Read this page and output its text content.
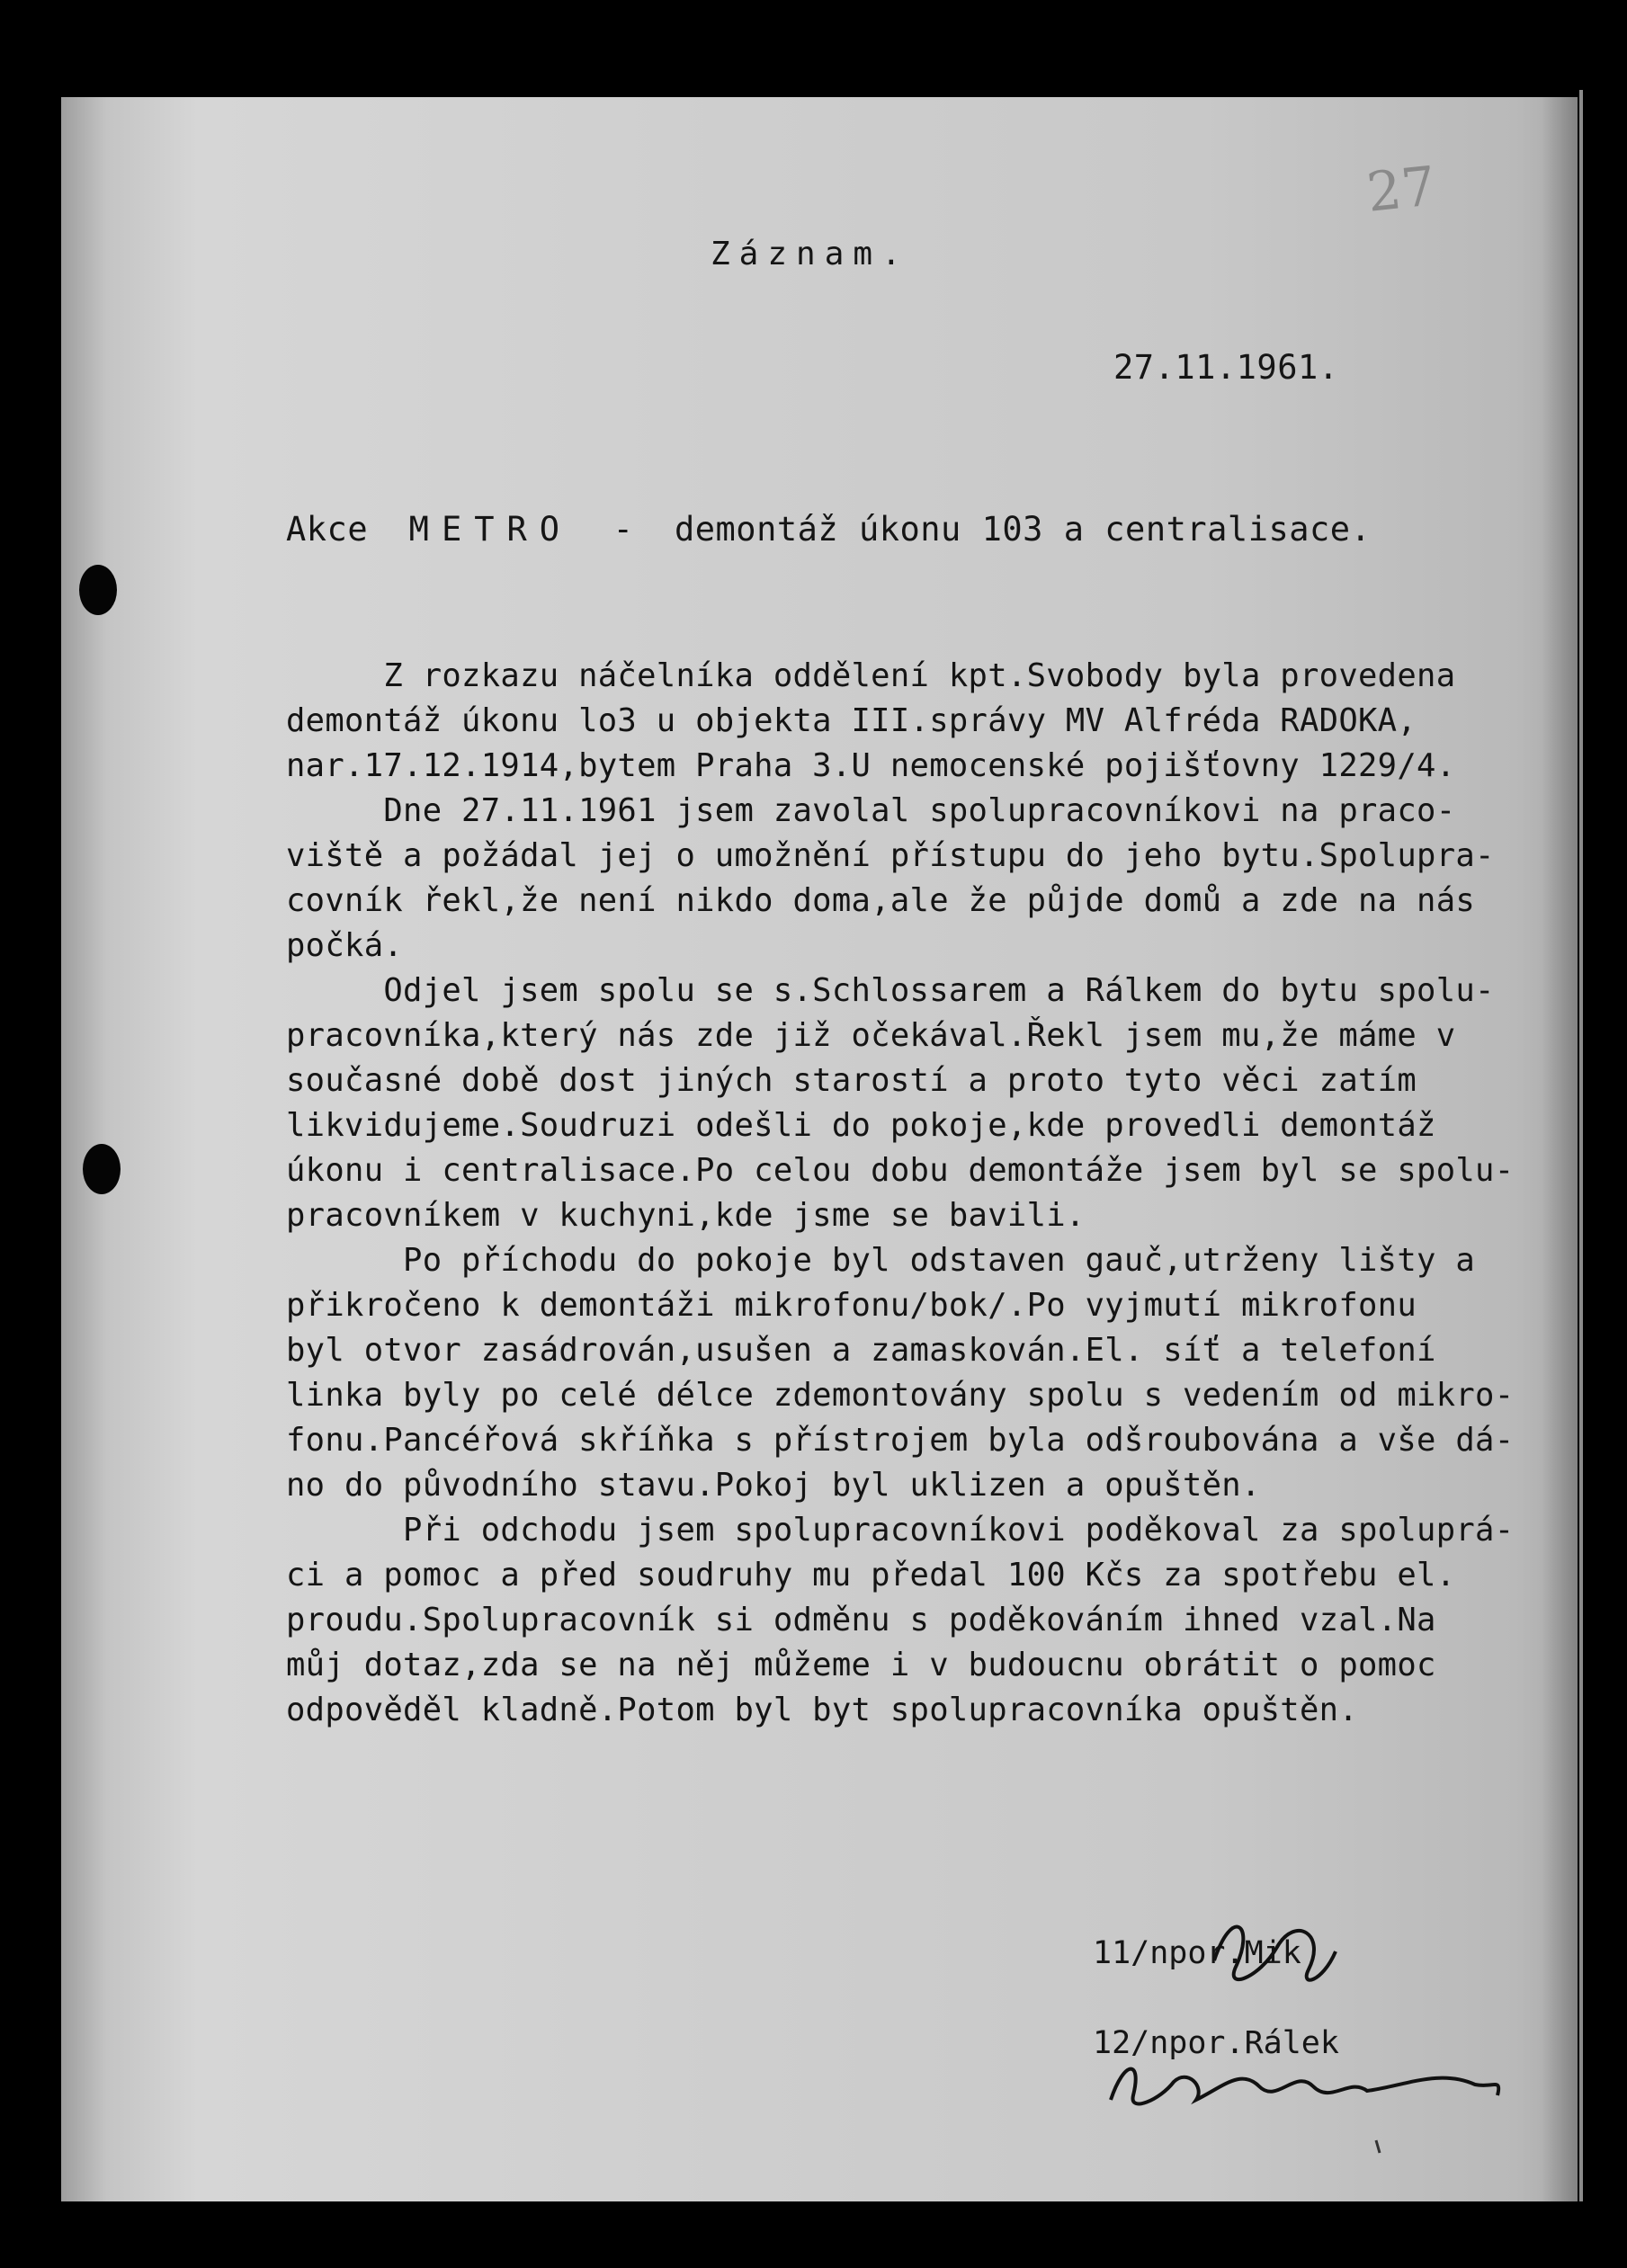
27
Záznam.
27.11.1961.
Akce METRO - demontáž úkonu 103 a centralisace.
Z rozkazu náčelníka oddělení kpt.Svobody byla provedena
demontáž úkonu lo3 u objekta III.správy MV Alfréda RADOKA,
nar.17.12.1914,bytem Praha 3.U nemocenské pojišťovny 1229/4.
Dne 27.11.1961 jsem zavolal spolupracovníkovi na praco-
viště a požádal jej o umožnění přístupu do jeho bytu.Spolupra-
covník řekl,že není nikdo doma,ale že půjde domů a zde na nás
počká.
Odjel jsem spolu se s.Schlossarem a Rálkem do bytu spolu-
pracovníka,který nás zde již očekával.Řekl jsem mu,že máme v
současné době dost jiných starostí a proto tyto věci zatím
likvidujeme.Soudruzi odešli do pokoje,kde provedli demontáž
úkonu i centralisace.Po celou dobu demontáže jsem byl se spolu-
pracovníkem v kuchyni,kde jsme se bavili.
Po příchodu do pokoje byl odstaven gauč,utrženy lišty a
přikročeno k demontáži mikrofonu/bok/.Po vyjmutí mikrofonu
byl otvor zasádrován,usušen a zamaskován.El. síť a telefoní
linka byly po celé délce zdemontovány spolu s vedením od mikro-
fonu.Pancéřová skříňka s přístrojem byla odšroubována a vše dá-
no do původního stavu.Pokoj byl uklizen a opuštěn.
Při odchodu jsem spolupracovníkovi poděkoval za spoluprá-
ci a pomoc a před soudruhy mu předal 100 Kčs za spotřebu el.
proudu.Spolupracovník si odměnu s poděkováním ihned vzal.Na
můj dotaz,zda se na něj můžeme i v budoucnu obrátit o pomoc
odpověděl kladně.Potom byl byt spolupracovníka opuštěn.
11/npor.Mik
12/npor.Rálek
